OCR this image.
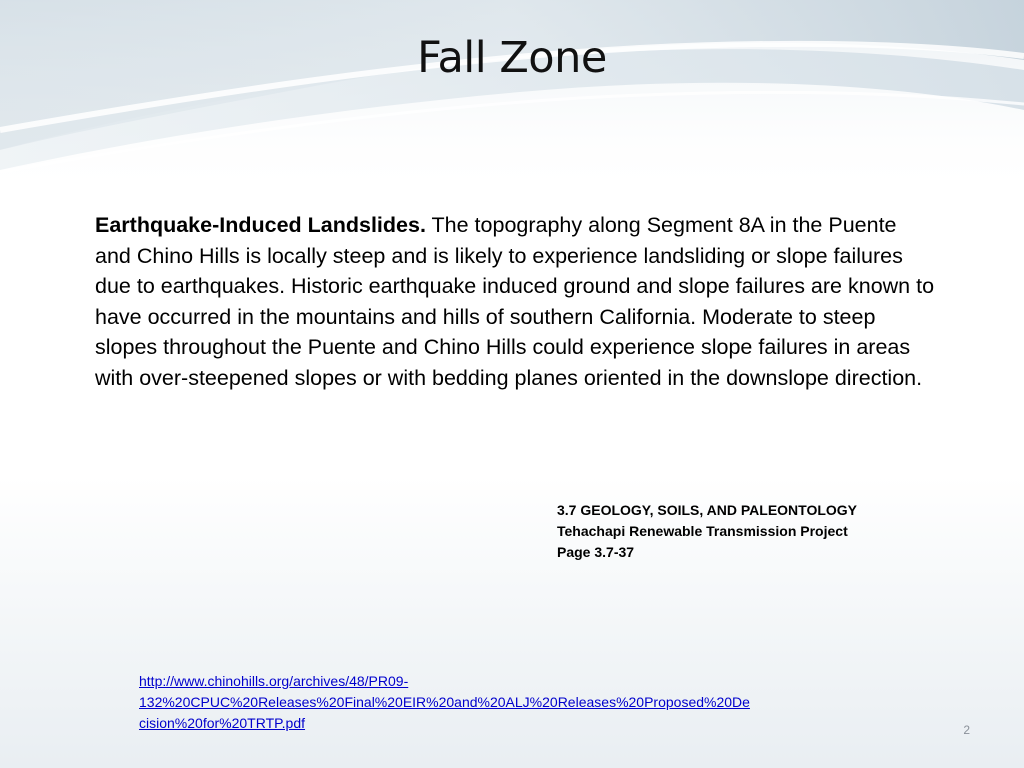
Fall Zone
Earthquake-Induced Landslides. The topography along Segment 8A in the Puente and Chino Hills is locally steep and is likely to experience landsliding or slope failures due to earthquakes. Historic earthquake induced ground and slope failures are known to have occurred in the mountains and hills of southern California. Moderate to steep slopes throughout the Puente and Chino Hills could experience slope failures in areas with over-steepened slopes or with bedding planes oriented in the downslope direction.
3.7 GEOLOGY, SOILS, AND PALEONTOLOGY
Tehachapi Renewable Transmission Project
Page 3.7-37
http://www.chinohills.org/archives/48/PR09-
132%20CPUC%20Releases%20Final%20EIR%20and%20ALJ%20Releases%20Proposed%20De
cision%20for%20TRTP.pdf	2
